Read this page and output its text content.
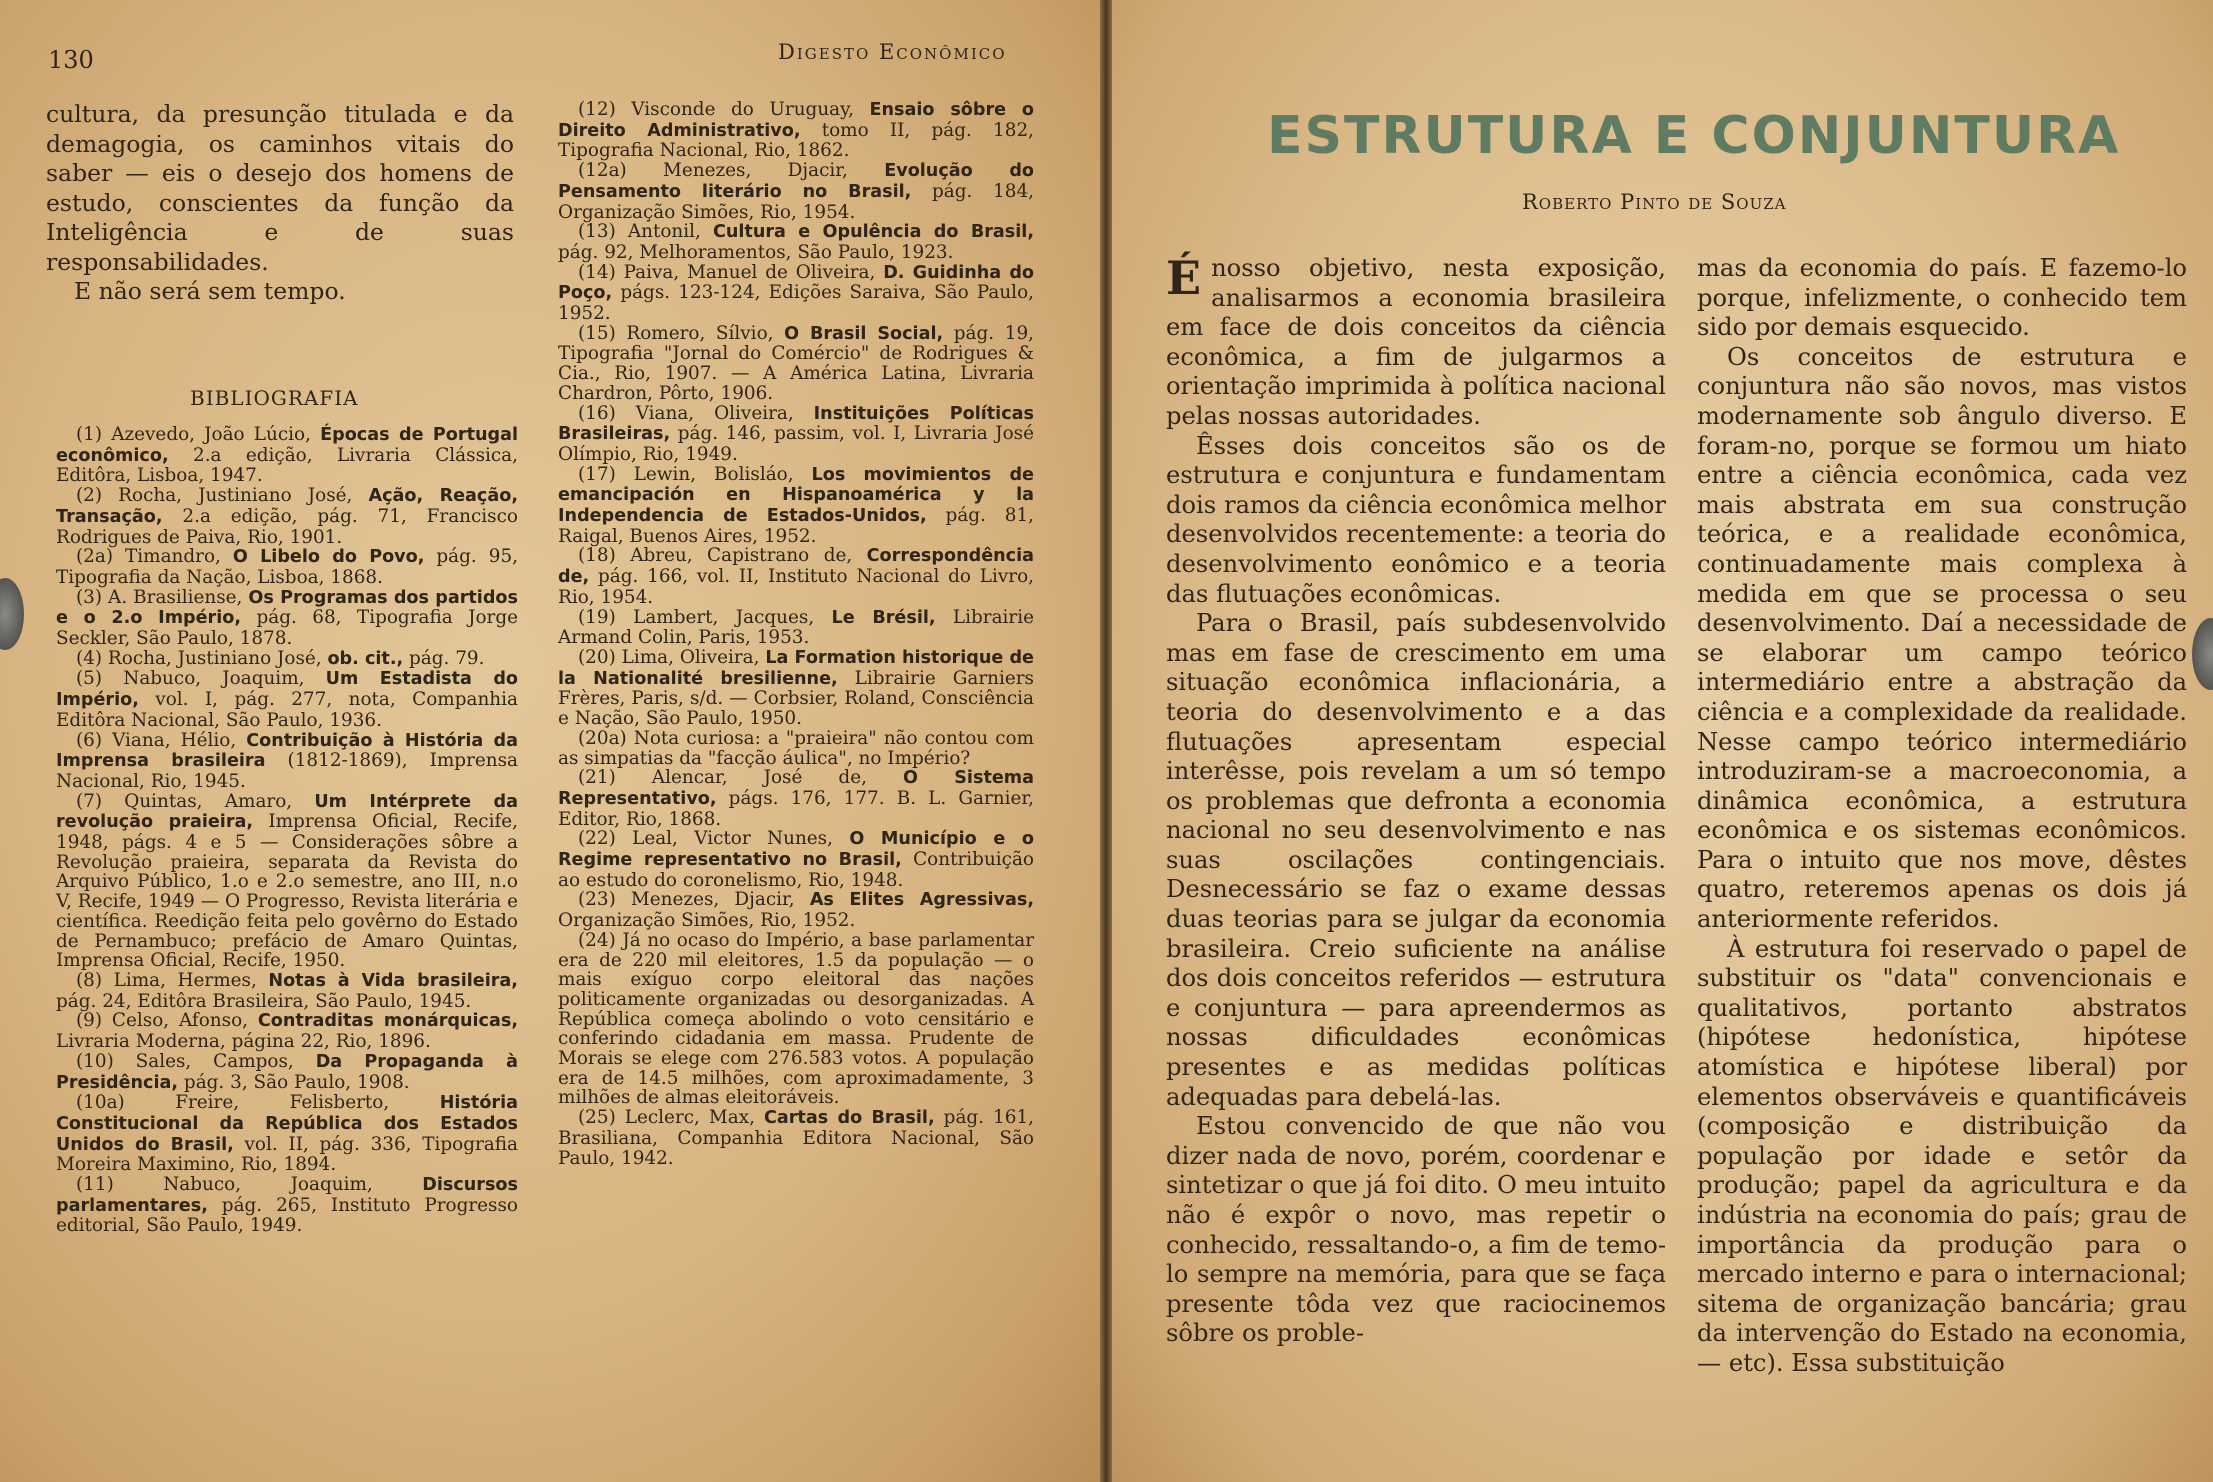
130	Digesto Econômico

cultura, da presunção titulada e da demagogia, os caminhos vitais do saber — eis o desejo dos homens de estudo, conscientes da função da Inteligência e de suas responsabilidades.

E não será sem tempo.

BIBLIOGRAFIA

(1) Azevedo, João Lúcio, Épocas de Portugal econômico, 2.a edição, Livraria Clássica, Editôra, Lisboa, 1947.

(2) Rocha, Justiniano José, Ação, Reação, Transação, 2.a edição, pág. 71, Francisco Rodrigues de Paiva, Rio, 1901.

(2a) Timandro, O Libelo do Povo, pág. 95, Tipografia da Nação, Lisboa, 1868.

(3) A. Brasiliense, Os Programas dos partidos e o 2.o Império, pág. 68, Tipografia Jorge Seckler, São Paulo, 1878.

(4) Rocha, Justiniano José, ob. cit., pág. 79.

(5) Nabuco, Joaquim, Um Estadista do Império, vol. I, pág. 277, nota, Companhia Editôra Nacional, São Paulo, 1936.

(6) Viana, Hélio, Contribuição à História da Imprensa brasileira (1812-1869), Imprensa Nacional, Rio, 1945.

(7) Quintas, Amaro, Um Intérprete da revolução praieira, Imprensa Oficial, Recife, 1948, págs. 4 e 5 — Considerações sôbre a Revolução praieira, separata da Revista do Arquivo Público, 1.o e 2.o semestre, ano III, n.o V, Recife, 1949 — O Progresso, Revista literária e científica. Reedição feita pelo govêrno do Estado de Pernambuco; prefácio de Amaro Quintas, Imprensa Oficial, Recife, 1950.

(8) Lima, Hermes, Notas à Vida brasileira, pág. 24, Editôra Brasileira, São Paulo, 1945.

(9) Celso, Afonso, Contraditas monárquicas, Livraria Moderna, página 22, Rio, 1896.

(10) Sales, Campos, Da Propaganda à Presidência, pág. 3, São Paulo, 1908.

(10a) Freire, Felisberto, História Constitucional da República dos Estados Unidos do Brasil, vol. II, pág. 336, Tipografia Moreira Maximino, Rio, 1894.

(11) Nabuco, Joaquim, Discursos parlamentares, pág. 265, Instituto Progresso editorial, São Paulo, 1949.

(12) Visconde do Uruguay, Ensaio sôbre o Direito Administrativo, tomo II, pág. 182, Tipografia Nacional, Rio, 1862.

(12a) Menezes, Djacir, Evolução do Pensamento literário no Brasil, pág. 184, Organização Simões, Rio, 1954.

(13) Antonil, Cultura e Opulência do Brasil, pág. 92, Melhoramentos, São Paulo, 1923.

(14) Paiva, Manuel de Oliveira, D. Guidinha do Poço, págs. 123-124, Edições Saraiva, São Paulo, 1952.

(15) Romero, Sílvio, O Brasil Social, pág. 19, Tipografia "Jornal do Comércio" de Rodrigues & Cia., Rio, 1907. — A América Latina, Livraria Chardron, Pôrto, 1906.

(16) Viana, Oliveira, Instituições Políticas Brasileiras, pág. 146, passim, vol. I, Livraria José Olímpio, Rio, 1949.

(17) Lewin, Bolisláo, Los movimientos de emancipación en Hispanoamérica y la Independencia de Estados-Unidos, pág. 81, Raigal, Buenos Aires, 1952.

(18) Abreu, Capistrano de, Correspondência de, pág. 166, vol. II, Instituto Nacional do Livro, Rio, 1954.

(19) Lambert, Jacques, Le Brésil, Librairie Armand Colin, Paris, 1953.

(20) Lima, Oliveira, La Formation historique de la Nationalité bresilienne, Librairie Garniers Frères, Paris, s/d. — Corbsier, Roland, Consciência e Nação, São Paulo, 1950.

(20a) Nota curiosa: a "praieira" não contou com as simpatias da "facção áulica", no Império?

(21) Alencar, José de, O Sistema Representativo, págs. 176, 177. B. L. Garnier, Editor, Rio, 1868.

(22) Leal, Victor Nunes, O Município e o Regime representativo no Brasil, Contribuição ao estudo do coronelismo, Rio, 1948.

(23) Menezes, Djacir, As Elites Agressivas, Organização Simões, Rio, 1952.

(24) Já no ocaso do Império, a base parlamentar era de 220 mil eleitores, 1.5 da população — o mais exíguo corpo eleitoral das nações politicamente organizadas ou desorganizadas. A República começa abolindo o voto censitário e conferindo cidadania em massa. Prudente de Morais se elege com 276.583 votos. A população era de 14.5 milhões, com aproximadamente, 3 milhões de almas eleitoráveis.

(25) Leclerc, Max, Cartas do Brasil, pág. 161, Brasiliana, Companhia Editora Nacional, São Paulo, 1942.

ESTRUTURA E CONJUNTURA
Roberto Pinto de Souza

Énosso objetivo, nesta exposição, analisarmos a economia brasileira em face de dois conceitos da ciência econômica, a fim de julgarmos a orientação imprimida à política nacional pelas nossas autoridades.

Êsses dois conceitos são os de estrutura e conjuntura e fundamentam dois ramos da ciência econômica melhor desenvolvidos recentemente: a teoria do desenvolvimento eonômico e a teoria das flutuações econômicas.

Para o Brasil, país subdesenvolvido mas em fase de crescimento em uma situação econômica inflacionária, a teoria do desenvolvimento e a das flutuações apresentam especial interêsse, pois revelam a um só tempo os problemas que defronta a economia nacional no seu desenvolvimento e nas suas oscilações contingenciais. Desnecessário se faz o exame dessas duas teorias para se julgar da economia brasileira. Creio suficiente na análise dos dois conceitos referidos — estrutura e conjuntura — para apreendermos as nossas dificuldades econômicas presentes e as medidas políticas adequadas para debelá-las.

Estou convencido de que não vou dizer nada de novo, porém, coordenar e sintetizar o que já foi dito. O meu intuito não é expôr o novo, mas repetir o conhecido, ressaltando-o, a fim de temo-lo sempre na memória, para que se faça presente tôda vez que raciocinemos sôbre os proble-

mas da economia do país. E fazemo-lo porque, infelizmente, o conhecido tem sido por demais esquecido.

Os conceitos de estrutura e conjuntura não são novos, mas vistos modernamente sob ângulo diverso. E foram-no, porque se formou um hiato entre a ciência econômica, cada vez mais abstrata em sua construção teórica, e a realidade econômica, continuadamente mais complexa à medida em que se processa o seu desenvolvimento. Daí a necessidade de se elaborar um campo teórico intermediário entre a abstração da ciência e a complexidade da realidade. Nesse campo teórico intermediário introduziram-se a macroeconomia, a dinâmica econômica, a estrutura econômica e os sistemas econômicos. Para o intuito que nos move, dêstes quatro, reteremos apenas os dois já anteriormente referidos.

À estrutura foi reservado o papel de substituir os "data" convencionais e qualitativos, portanto abstratos (hipótese hedonística, hipótese atomística e hipótese liberal) por elementos observáveis e quantificáveis (composição e distribuição da população por idade e setôr da produção; papel da agricultura e da indústria na economia do país; grau de importância da produção para o mercado interno e para o internacional; sitema de organização bancária; grau da intervenção do Estado na economia, — etc). Essa substituição
